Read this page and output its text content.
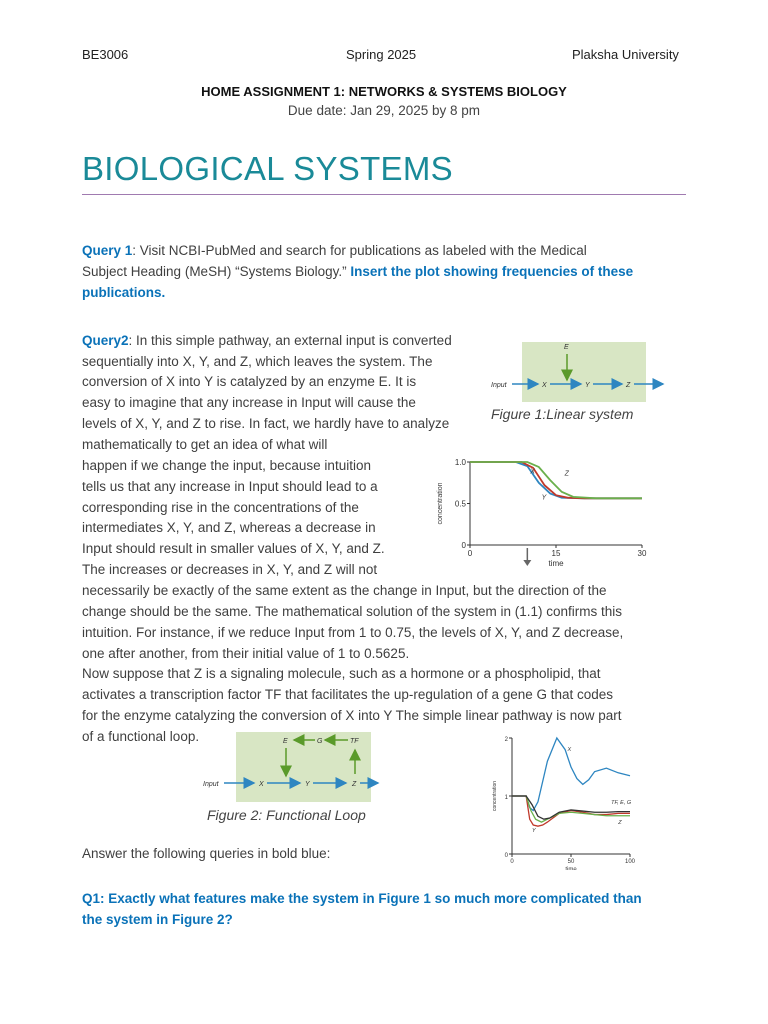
BE3006	Spring 2025	Plaksha University
HOME ASSIGNMENT 1: NETWORKS & SYSTEMS BIOLOGY
Due date: Jan 29, 2025 by 8 pm
BIOLOGICAL SYSTEMS
Query 1: Visit NCBI-PubMed and search for publications as labeled with the Medical
Subject Heading (MeSH) “Systems Biology.” Insert the plot showing frequencies of these
publications.
Query2: In this simple pathway, an external input is converted
sequentially into X, Y, and Z, which leaves the system. The
conversion of X into Y is catalyzed by an enzyme E. It is
easy to imagine that any increase in Input will cause the
levels of X, Y, and Z to rise. In fact, we hardly have to analyze
mathematically to get an idea of what will
happen if we change the input, because intuition
tells us that any increase in Input should lead to a
corresponding rise in the concentrations of the
intermediates X, Y, and Z, whereas a decrease in
Input should result in smaller values of X, Y, and Z.
The increases or decreases in X, Y, and Z will not
necessarily be exactly of the same extent as the change in Input, but the direction of the
change should be the same. The mathematical solution of the system in (1.1) confirms this
intuition. For instance, if we reduce Input from 1 to 0.75, the levels of X, Y, and Z decrease,
one after another, from their initial value of 1 to 0.5625.
Now suppose that Z is a signaling molecule, such as a hormone or a phospholipid, that
activates a transcription factor TF that facilitates the up-regulation of a gene G that codes
for the enzyme catalyzing the conversion of X into Y The simple linear pathway is now part
of a functional loop.
Input	X	Y	Z
E
Figure 1:Linear system
0	15	30
0
0.5
1.0
time
concentration
X
Y
Z
Input	X	Y	Z
TF
G
E
Figure 2: Functional Loop
0	50	100
0
1
2
time
concentration
X
Y
Z
TF, E, G
Answer the following queries in bold blue:
Q1: Exactly what features make the system in Figure 1 so much more complicated than
the system in Figure 2?
